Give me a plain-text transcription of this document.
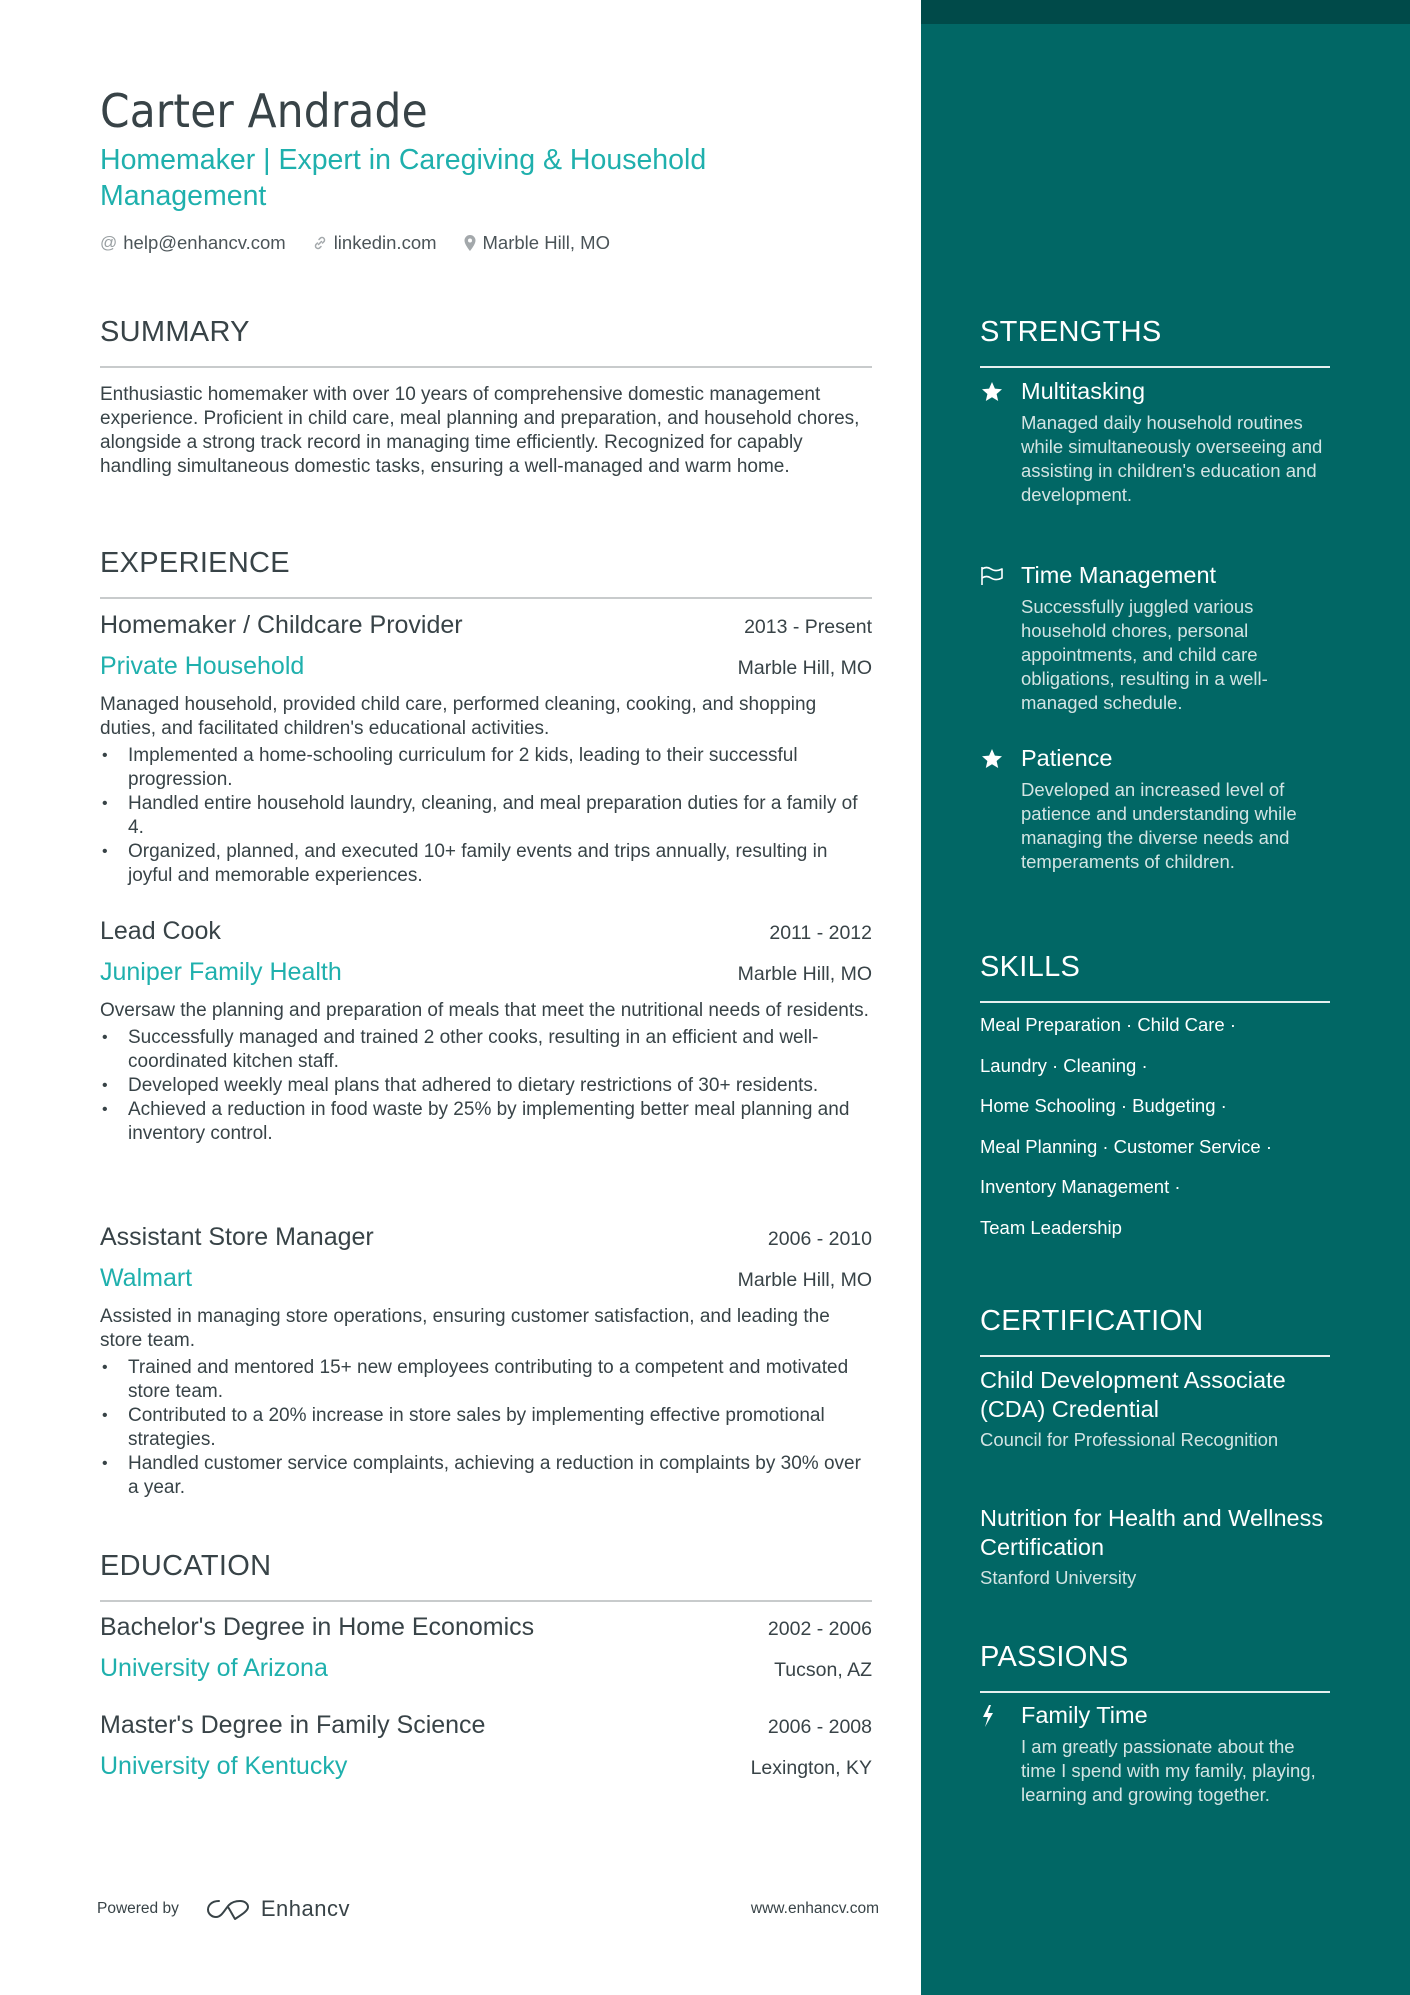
Carter Andrade
Homemaker | Expert in Caregiving & Household Management
@ help@enhancv.com	linkedin.com Marble Hill, MO
SUMMARY
Enthusiastic homemaker with over 10 years of comprehensive domestic management experience. Proficient in child care, meal planning and preparation, and household chores, alongside a strong track record in managing time efficiently. Recognized for capably handling simultaneous domestic tasks, ensuring a well-managed and warm home.
EXPERIENCE
Homemaker / Childcare Provider	2013 - Present
Private Household	Marble Hill, MO
Managed household, provided child care, performed cleaning, cooking, and shopping duties, and facilitated children's educational activities.
• Implemented a home-schooling curriculum for 2 kids, leading to their successful progression.
• Handled entire household laundry, cleaning, and meal preparation duties for a family of 4.
• Organized, planned, and executed 10+ family events and trips annually, resulting in joyful and memorable experiences.
Lead Cook	2011 - 2012
Juniper Family Health	Marble Hill, MO
Oversaw the planning and preparation of meals that meet the nutritional needs of residents.
• Successfully managed and trained 2 other cooks, resulting in an efficient and well-coordinated kitchen staff.
• Developed weekly meal plans that adhered to dietary restrictions of 30+ residents.
• Achieved a reduction in food waste by 25% by implementing better meal planning and inventory control.
Assistant Store Manager	2006 - 2010
Walmart	Marble Hill, MO
Assisted in managing store operations, ensuring customer satisfaction, and leading the store team.
• Trained and mentored 15+ new employees contributing to a competent and motivated store team.
• Contributed to a 20% increase in store sales by implementing effective promotional strategies.
• Handled customer service complaints, achieving a reduction in complaints by 30% over a year.
EDUCATION
Bachelor's Degree in Home Economics	2002 - 2006
University of Arizona	Tucson, AZ
Master's Degree in Family Science	2006 - 2008
University of Kentucky	Lexington, KY
Powered by	Enhancv	www.enhancv.com
STRENGTHS
Multitasking
Managed daily household routines while simultaneously overseeing and assisting in children's education and development.
Time Management
Successfully juggled various household chores, personal appointments, and child care obligations, resulting in a well-managed schedule.
Patience
Developed an increased level of patience and understanding while managing the diverse needs and temperaments of children.
SKILLS
Meal Preparation · Child Care ·
Laundry · Cleaning ·
Home Schooling · Budgeting ·
Meal Planning · Customer Service ·
Inventory Management ·
Team Leadership
CERTIFICATION
Child Development Associate (CDA) Credential
Council for Professional Recognition
Nutrition for Health and Wellness Certification
Stanford University
PASSIONS
Family Time
I am greatly passionate about the time I spend with my family, playing, learning and growing together.
